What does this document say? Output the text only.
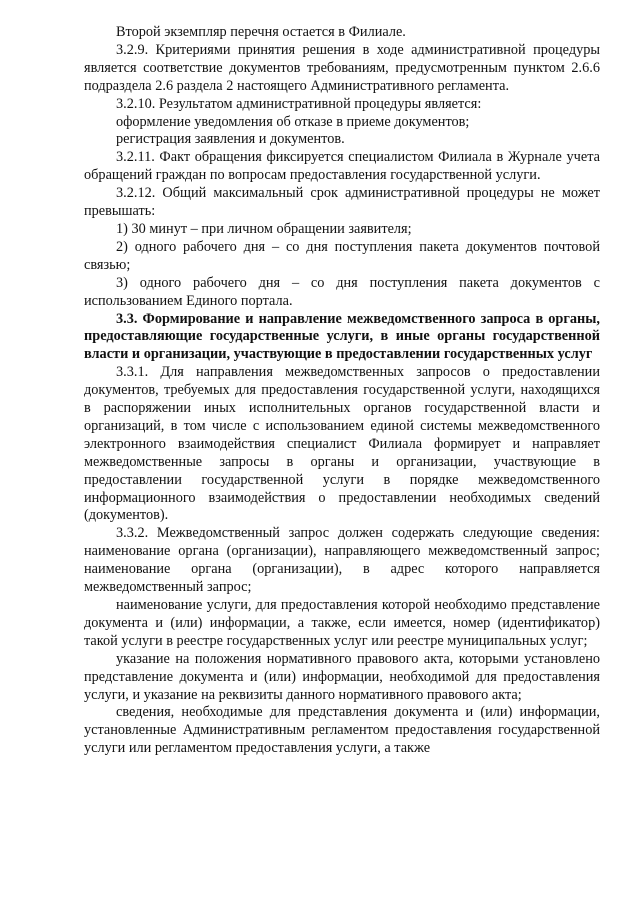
Второй экземпляр перечня остается в Филиале.

3.2.9. Критериями принятия решения в ходе административной процедуры является соответствие документов требованиям, предусмотренным пунктом 2.6.6 подраздела 2.6 раздела 2 настоящего Административного регламента.

3.2.10. Результатом административной процедуры является:

оформление уведомления об отказе в приеме документов;

регистрация заявления и документов.

3.2.11. Факт обращения фиксируется специалистом Филиала в Журнале учета обращений граждан по вопросам предоставления государственной услуги.

3.2.12. Общий максимальный срок административной процедуры не может превышать:

1) 30 минут – при личном обращении заявителя;

2) одного рабочего дня – со дня поступления пакета документов почтовой связью;

3) одного рабочего дня – со дня поступления пакета документов с использованием Единого портала.

3.3. Формирование и направление межведомственного запроса в органы, предоставляющие государственные услуги, в иные органы государственной власти и организации, участвующие в предоставлении государственных услуг

3.3.1. Для направления межведомственных запросов о предоставлении документов, требуемых для предоставления государственной услуги, находящихся в распоряжении иных исполнительных органов государственной власти и организаций, в том числе с использованием единой системы межведомственного электронного взаимодействия специалист Филиала формирует и направляет межведомственные запросы в органы и организации, участвующие в предоставлении государственной услуги в порядке межведомственного информационного взаимодействия о предоставлении необходимых сведений (документов).

3.3.2. Межведомственный запрос должен содержать следующие сведения: наименование органа (организации), направляющего межведомственный запрос; наименование органа (организации), в адрес которого направляется межведомственный запрос;

наименование услуги, для предоставления которой необходимо представление документа и (или) информации, а также, если имеется, номер (идентификатор) такой услуги в реестре государственных услуг или реестре муниципальных услуг;

указание на положения нормативного правового акта, которыми установлено представление документа и (или) информации, необходимой для предоставления услуги, и указание на реквизиты данного нормативного правового акта;

сведения, необходимые для представления документа и (или) информации, установленные Административным регламентом предоставления государственной услуги или регламентом предоставления услуги, а также
